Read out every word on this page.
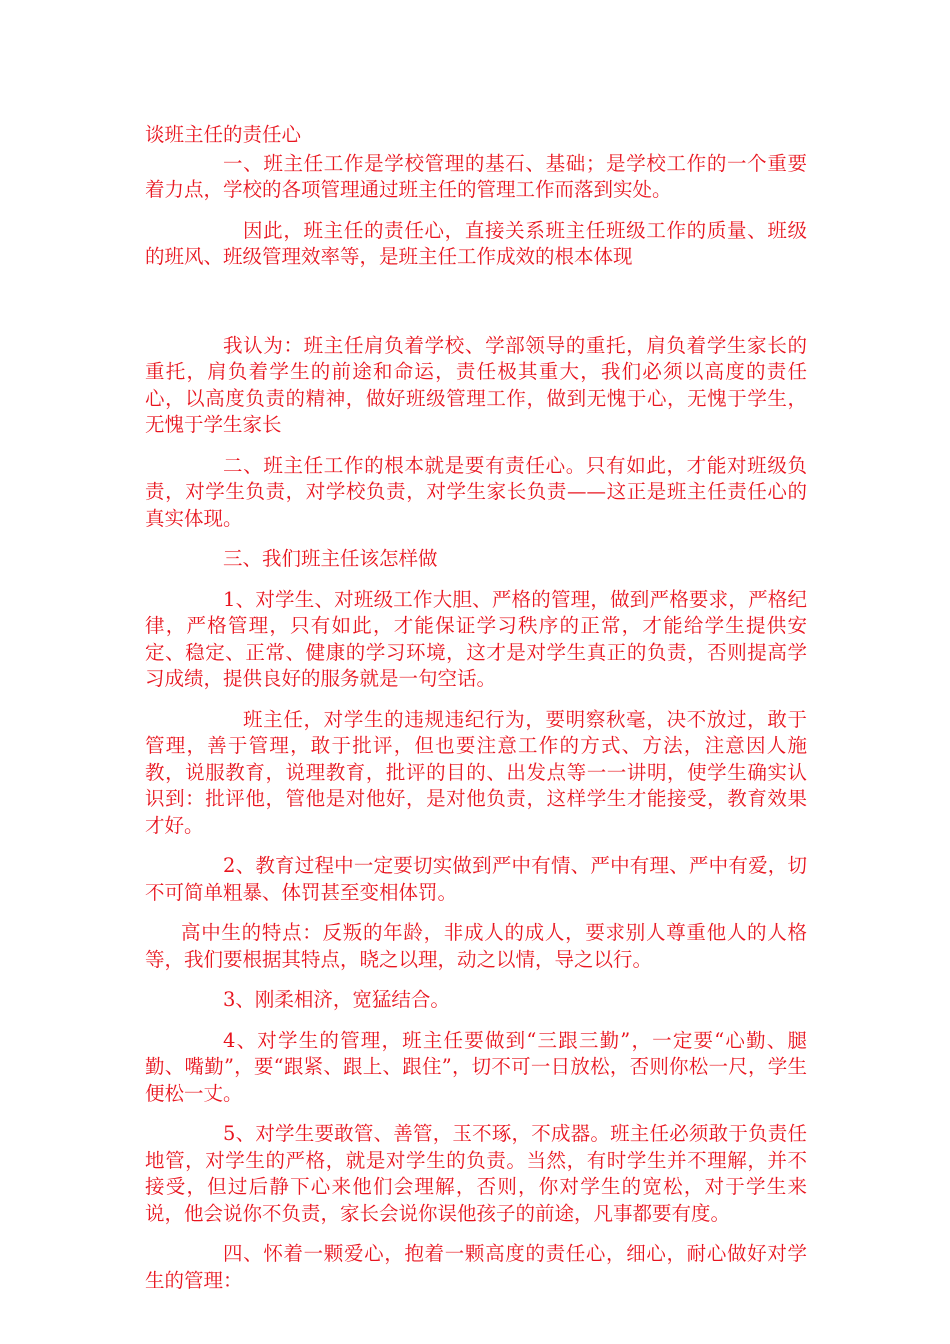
谈班主任的责任心

一、班主任工作是学校管理的基石、基础；是学校工作的一个重要着力点，学校的各项管理通过班主任的管理工作而落到实处。

因此，班主任的责任心，直接关系班主任班级工作的质量、班级的班风、班级管理效率等，是班主任工作成效的根本体现

我认为：班主任肩负着学校、学部领导的重托，肩负着学生家长的重托，肩负着学生的前途和命运，责任极其重大，我们必须以高度的责任心，以高度负责的精神，做好班级管理工作，做到无愧于心，无愧于学生，无愧于学生家长

二、班主任工作的根本就是要有责任心。只有如此，才能对班级负责，对学生负责，对学校负责，对学生家长负责——这正是班主任责任心的真实体现。

三、我们班主任该怎样做

1、对学生、对班级工作大胆、严格的管理，做到严格要求，严格纪律，严格管理，只有如此，才能保证学习秩序的正常，才能给学生提供安定、稳定、正常、健康的学习环境，这才是对学生真正的负责，否则提高学习成绩，提供良好的服务就是一句空话。

班主任，对学生的违规违纪行为，要明察秋毫，决不放过，敢于管理，善于管理，敢于批评，但也要注意工作的方式、方法，注意因人施教，说服教育，说理教育，批评的目的、出发点等一一讲明，使学生确实认识到：批评他，管他是对他好，是对他负责，这样学生才能接受，教育效果才好。

2、教育过程中一定要切实做到严中有情、严中有理、严中有爱，切不可简单粗暴、体罚甚至变相体罚。

高中生的特点：反叛的年龄，非成人的成人，要求别人尊重他人的人格等，我们要根据其特点，晓之以理，动之以情，导之以行。

3、刚柔相济，宽猛结合。

4、对学生的管理，班主任要做到“三跟三勤”，一定要“心勤、腿勤、嘴勤”，要“跟紧、跟上、跟住”，切不可一日放松，否则你松一尺，学生便松一丈。

5、对学生要敢管、善管，玉不琢，不成器。班主任必须敢于负责任地管，对学生的严格，就是对学生的负责。当然，有时学生并不理解，并不接受，但过后静下心来他们会理解，否则，你对学生的宽松，对于学生来说，他会说你不负责，家长会说你误他孩子的前途，凡事都要有度。

四、怀着一颗爱心，抱着一颗高度的责任心，细心，耐心做好对学生的管理：
